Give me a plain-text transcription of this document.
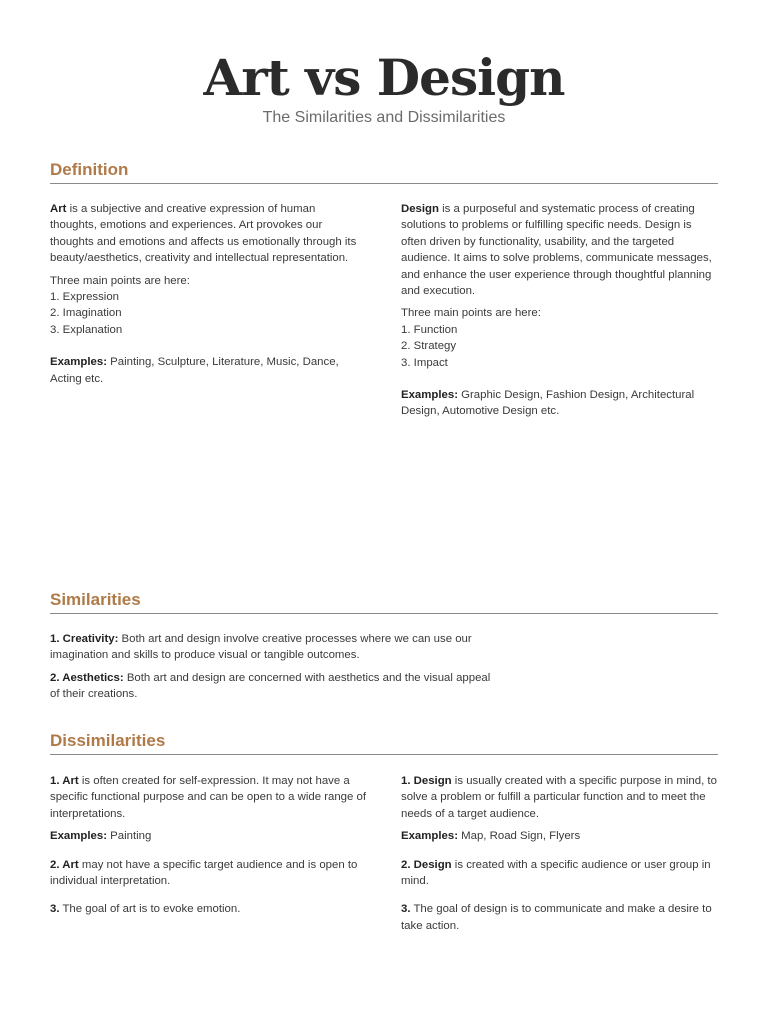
Art vs Design

The Similarities and Dissimilarities

Definition

Art is a subjective and creative expression of human thoughts, emotions and experiences. Art provokes our thoughts and emotions and affects us emotionally through its beauty/aesthetics, creativity and intellectual representation.

Three main points are here:
1. Expression
2. Imagination
3. Explanation

Examples: Painting, Sculpture, Literature, Music, Dance, Acting etc.

Design is a purposeful and systematic process of creating solutions to problems or fulfilling specific needs. Design is often driven by functionality, usability, and the targeted audience. It aims to solve problems, communicate messages, and enhance the user experience through thoughtful planning and execution.

Three main points are here:
1. Function
2. Strategy
3. Impact

Examples: Graphic Design, Fashion Design, Architectural Design, Automotive Design etc.

Similarities

1. Creativity: Both art and design involve creative processes where we can use our imagination and skills to produce visual or tangible outcomes.

2. Aesthetics: Both art and design are concerned with aesthetics and the visual appeal of their creations.

Dissimilarities

1. Art is often created for self-expression. It may not have a specific functional purpose and can be open to a wide range of interpretations.

Examples: Painting

2. Art may not have a specific target audience and is open to individual interpretation.

3. The goal of art is to evoke emotion.

1. Design is usually created with a specific purpose in mind, to solve a problem or fulfill a particular function and to meet the needs of a target audience.

Examples: Map, Road Sign, Flyers

2. Design is created with a specific audience or user group in mind.

3. The goal of design is to communicate and make a desire to take action.
